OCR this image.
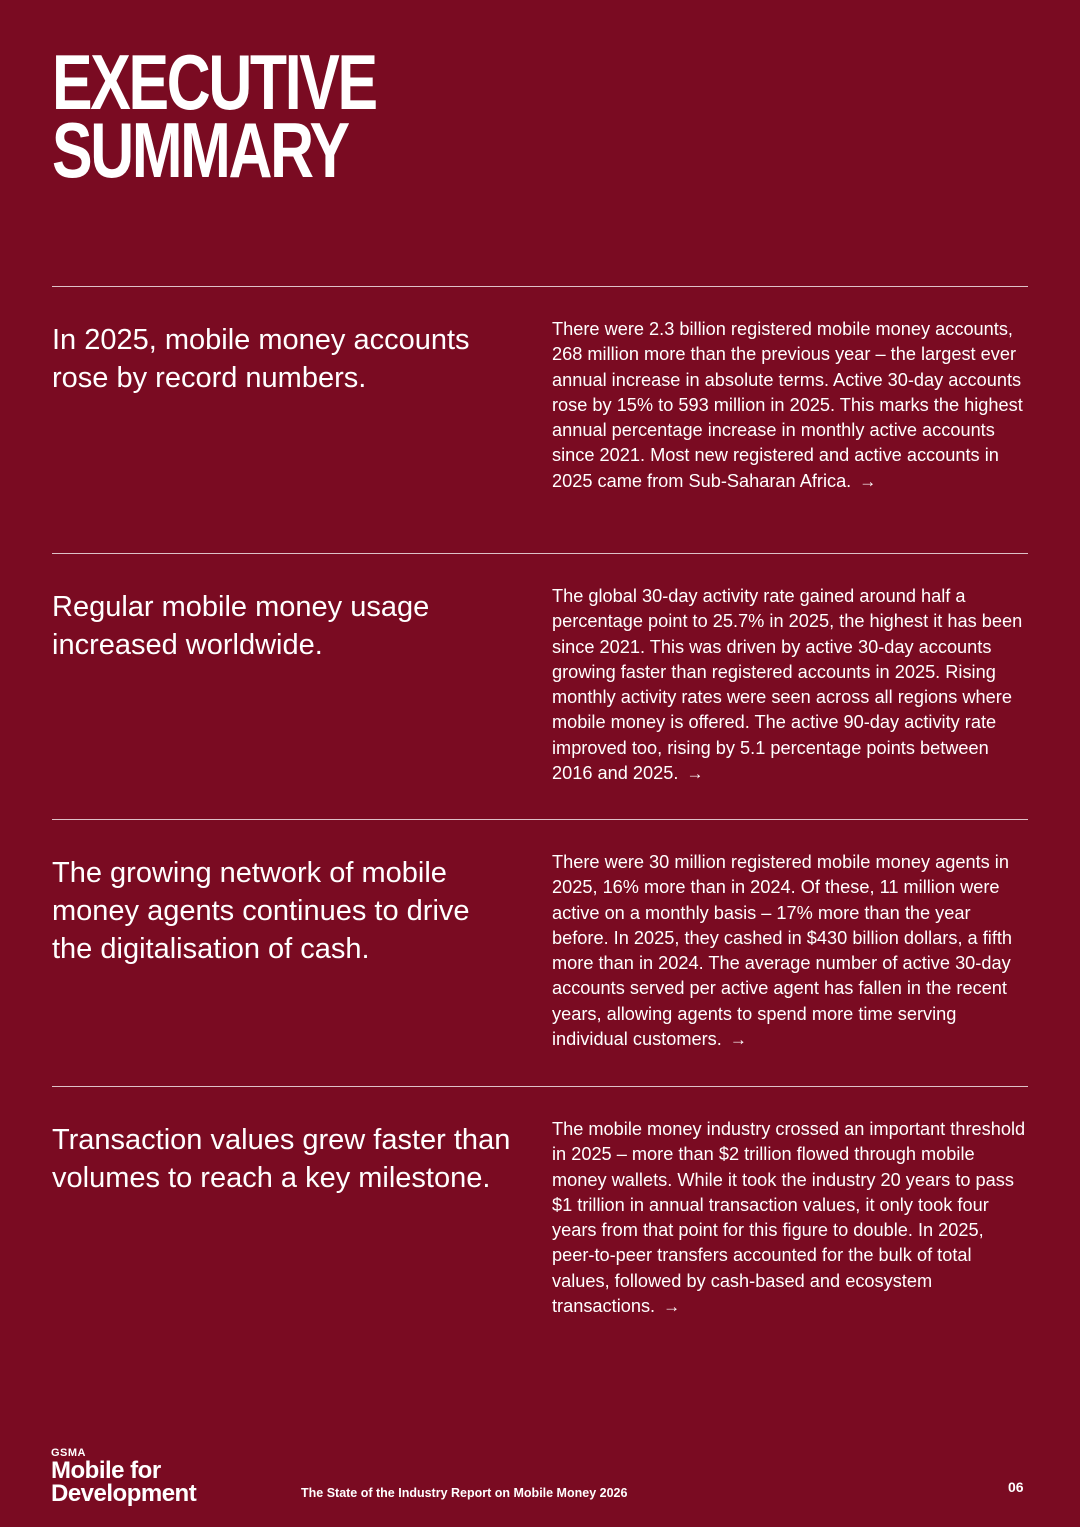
EXECUTIVE
SUMMARY
In 2025, mobile money accounts rose by record numbers.

There were 2.3 billion registered mobile money accounts, 268 million more than the previous year – the largest ever annual increase in absolute terms. Active 30-day accounts rose by 15% to 593 million in 2025. This marks the highest annual percentage increase in monthly active accounts since 2021. Most new registered and active accounts in 2025 came from Sub-Saharan Africa. →

Regular mobile money usage increased worldwide.

The global 30-day activity rate gained around half a percentage point to 25.7% in 2025, the highest it has been since 2021. This was driven by active 30-day accounts growing faster than registered accounts in 2025. Rising monthly activity rates were seen across all regions where mobile money is offered. The active 90-day activity rate improved too, rising by 5.1 percentage points between 2016 and 2025. →

The growing network of mobile money agents continues to drive the digitalisation of cash.

There were 30 million registered mobile money agents in 2025, 16% more than in 2024. Of these, 11 million were active on a monthly basis – 17% more than the year before. In 2025, they cashed in $430 billion dollars, a fifth more than in 2024. The average number of active 30-day accounts served per active agent has fallen in the recent years, allowing agents to spend more time serving individual customers. →

Transaction values grew faster than volumes to reach a key milestone.

The mobile money industry crossed an important threshold in 2025 – more than $2 trillion flowed through mobile money wallets. While it took the industry 20 years to pass $1 trillion in annual transaction values, it only took four years from that point for this figure to double. In 2025, peer-to-peer transfers accounted for the bulk of total values, followed by cash-based and ecosystem transactions. →

GSMA
Mobile for
Development	The State of the Industry Report on Mobile Money 2026	06
